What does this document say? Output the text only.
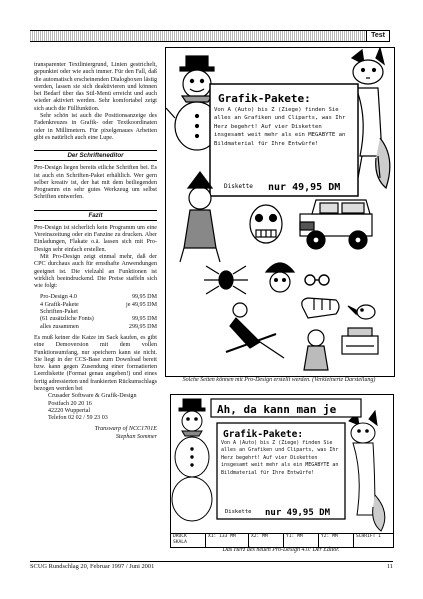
Test

transparenter Textliniergrund, Linien gestrichelt, gepunktet oder wie auch immer. Für den Fall, daß die automatisch erscheinenden Dialogboxen lästig werden, lassen sie sich deaktivieren und können bei Bedarf über das Stil-Menü erreicht und auch wieder aktiviert werden. Sehr komfortabel zeigt sich auch die Füllfunktion.

Sehr schön ist auch die Positionsanzeige des Fadenkreuzes in Grafik- oder Textkoordinaten oder in Millimetern. Für pixelgenaues Arbeiten gibt es natürlich auch eine Lupe.

Der Schrifteneditor

Pro-Design liegen bereits etliche Schriften bei. Es ist auch ein Schriften-Paket erhältlich. Wer gern selber kreativ ist, der hat mit dem beiliegenden Programm ein sehr gutes Werkzeug um selbst Schriften entwerfen.

Fazit

Pro-Design ist sicherlich kein Programm um eine Vereinszeitung oder ein Fanzine zu drucken. Aber Einladungen, Flakate o.ä. lassen sich mit Pro-Design sehr einfach erstellen.

Mit Pro-Design zeigt einmal mehr, daß der CPC durchaus auch für ernsthafte Anwendungen geeignet ist. Die vielzahl an Funktionen ist wirklich beeindruckend. Die Preise staffeln sich wie folgt:

Pro-Design 4.0	99,95 DM
4 Grafik-Pakete	je 49,95 DM
Schriften-Paket
(61 zusätzliche Fonts)	99,95 DM
alles zusammen	299,95 DM

Es muß keiner die Katze im Sack kaufen, es gibt eine Demoversion mit dem vollen Funktionsumfang, nur speichern kann sie nicht. Sie liegt in der CCS-Base zum Download bereit bzw. kann gegen Zusendung einer formatierten Leerdiskette (Format genau angeben!) und eines fertig adressierten und frankierten Rückumschlags bezogen werden bei

Crusader Software & Grafik-Design
Postfach 20 20 16
42220 Wuppertal
Telefon 02 02 / 59 23 03
Transwarp of NCC1701E
Stephan Sommer
Grafik-Pakete:
Von A (Auto) bis Z (Ziege) finden Sie alles an Grafiken und Cliparts, was Ihr Herz begehrt! Auf vier Disketten insgesamt weit mehr als ein MEGABYTE an Bildmaterial für Ihre Entwürfe!
Diskette nur 49,95 DM
Solche Seiten können mit Pro-Design erstellt werden. (Verkleinerte Darstellung)
Ah, da kann man je
Grafik-Pakete:
Von A (Auto) bis Z (Ziege) finden Sie alles an Grafiken und Cliparts, was Ihr Herz begehrt! Auf vier Disketten insgesamt weit mehr als ein MEGABYTE an Bildmaterial für Ihre Entwürfe!
Diskette nur 49,95 DM
DRUCK
SKALA
X1: 133 MM	X2: MM	Y1: MM	Y2: MM	SCHRIFT 1
Das Herz des neuen Pro-Design 4.0: Der Editor.
SCUG Rundschlag 20, Februar 1997 / Juni 2001	11
